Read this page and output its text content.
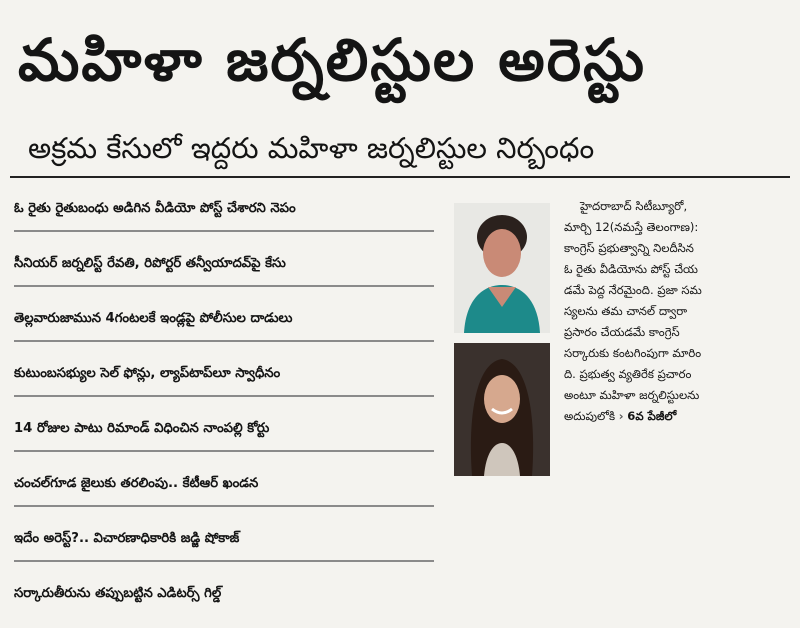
మహిళా జర్నలిస్టుల అరెస్టు
అక్రమ కేసులో ఇద్దరు మహిళా జర్నలిస్టుల నిర్బంధం
ఓ రైతు రైతుబంధు అడిగిన వీడియో పోస్ట్‌ చేశారని నెపం
సీనియర్‌ జర్నలిస్ట్‌ రేవతి, రిపోర్టర్‌ తన్వీయాదవ్‌పై కేసు
తెల్లవారుజామున 4గంటలకే ఇండ్లపై పోలీసుల దాడులు
కుటుంబసభ్యుల సెల్‌ ఫోన్లు, ల్యాప్‌టాప్‌లూ స్వాధీనం
14 రోజుల పాటు రిమాండ్‌ విధించిన నాంపల్లి కోర్టు
చంచల్‌గూడ జైలుకు తరలింపు.. కేటీఆర్‌ ఖండన
ఇదేం అరెస్ట్‌?.. విచారణాధికారికి జడ్జి షోకాజ్‌
సర్కారుతీరును తప్పుబట్టిన ఎడిటర్స్‌ గిల్డ్‌
హైదరాబాద్‌ సిటీబ్యూరో,
మార్చి 12(నమస్తే తెలంగాణ):
కాంగ్రెస్‌ ప్రభుత్వాన్ని నిలదీసిన
ఓ రైతు వీడియోను పోస్ట్‌ చేయ
డమే పెద్ద నేరమైంది. ప్రజా సమ
స్యలను తమ చానల్‌ ద్వారా
ప్రసారం చేయడమే కాంగ్రెస్‌
సర్కారుకు కంటగింపుగా మారిం
ది. ప్రభుత్వ వ్యతిరేక ప్రచారం
అంటూ మహిళా జర్నలిస్టులను
అదుపులోకి › 6వ పేజీలో
